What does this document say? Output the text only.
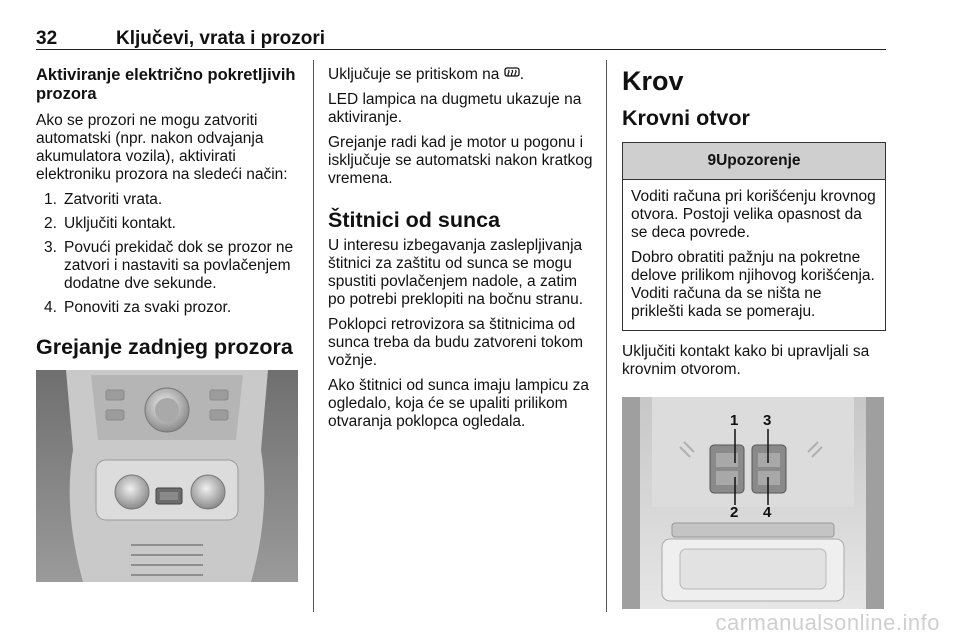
32	Ključevi, vrata i prozori
Aktiviranje električno pokretljivih prozora

Ako se prozori ne mogu zatvoriti automatski (npr. nakon odvajanja akumulatora vozila), aktivirati elektroniku prozora na sledeći način:

1. Zatvoriti vrata.
2. Uključiti kontakt.
3. Povući prekidač dok se prozor ne zatvori i nastaviti sa povlačenjem dodatne dve sekunde.
4. Ponoviti za svaki prozor.
Grejanje zadnjeg prozora

Uključuje se pritiskom na .

LED lampica na dugmetu ukazuje na aktiviranje.

Grejanje radi kad je motor u pogonu i isključuje se automatski nakon kratkog vremena.

Štitnici od sunca

U interesu izbegavanja zaslepljivanja štitnici za zaštitu od sunca se mogu spustiti povlačenjem nadole, a zatim po potrebi preklopiti na bočnu stranu.

Poklopci retrovizora sa štitnicima od sunca treba da budu zatvoreni tokom vožnje.

Ako štitnici od sunca imaju lampicu za ogledalo, koja će se upaliti prilikom otvaranja poklopca ogledala.

Krov
Krovni otvor
9 Upozorenje

Voditi računa pri korišćenju krovnog otvora. Postoji velika opasnost da se deca povrede.

Dobro obratiti pažnju na pokretne delove prilikom njihovog korišćenja. Voditi računa da se ništa ne priklešti kada se pomeraju.

Uključiti kontakt kako bi upravljali sa krovnim otvorom.

1 3
2 4
carmanualsonline.info
